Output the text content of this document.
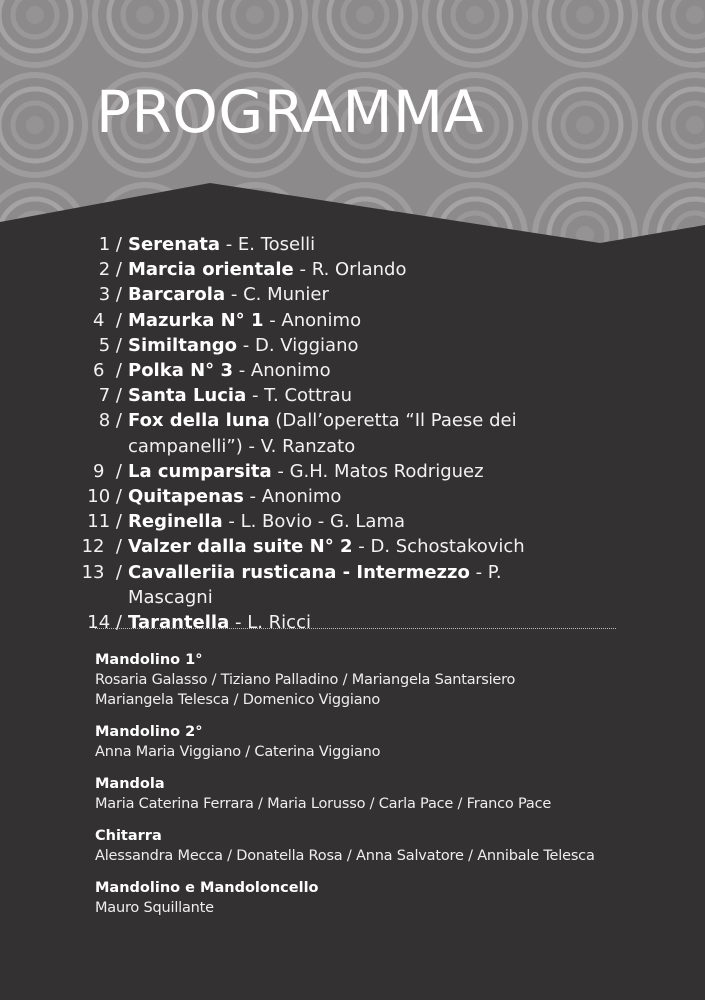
PROGRAMMA
1 / Serenata - E. Toselli
2 / Marcia orientale - R. Orlando
3 / Barcarola - C. Munier
4  / Mazurka N° 1 - Anonimo
5 / Similtango - D. Viggiano
6  / Polka N° 3 - Anonimo
7 / Santa Lucia - T. Cottrau
8 / Fox della luna (Dall’operetta “Il Paese dei campanelli”) - V. Ranzato
9  / La cumparsita - G.H. Matos Rodriguez
10 / Quitapenas - Anonimo
11 / Reginella - L. Bovio - G. Lama
12  / Valzer dalla suite N° 2 - D. Schostakovich
13  / Cavalleriia rusticana - Intermezzo - P. Mascagni
14 / Tarantella - L. Ricci
Mandolino 1°
Rosaria Galasso / Tiziano Palladino / Mariangela Santarsiero
Mariangela Telesca / Domenico Viggiano
Mandolino 2°
Anna Maria Viggiano / Caterina Viggiano
Mandola
Maria Caterina Ferrara / Maria Lorusso / Carla Pace / Franco Pace
Chitarra
Alessandra Mecca / Donatella Rosa / Anna Salvatore / Annibale Telesca
Mandolino e Mandoloncello
Mauro Squillante
